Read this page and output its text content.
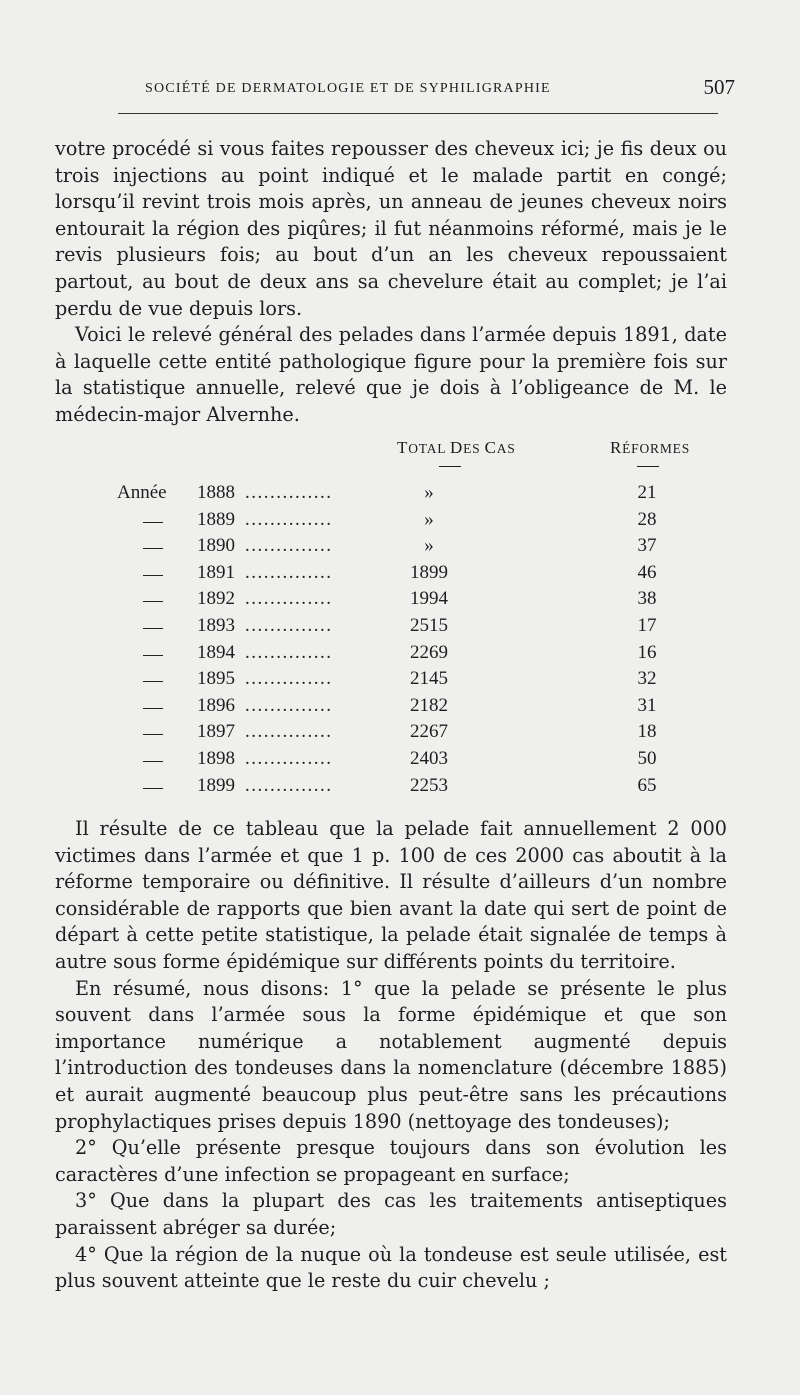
SOCIÉTÉ DE DERMATOLOGIE ET DE SYPHILIGRAPHIE	507

votre procédé si vous faites repousser des cheveux ici; je fis deux ou trois injections au point indiqué et le malade partit en congé; lorsqu’il revint trois mois après, un anneau de jeunes cheveux noirs entourait la région des piqûres; il fut néanmoins réformé, mais je le revis plusieurs fois; au bout d’un an les cheveux repoussaient partout, au bout de deux ans sa chevelure était au complet; je l’ai perdu de vue depuis lors.

Voici le relevé général des pelades dans l’armée depuis 1891, date à laquelle cette entité pathologique figure pour la première fois sur la statistique annuelle, relevé que je dois à l’obligeance de M. le médecin-major Alvernhe.

TOTAL DES CAS	RÉFORMES
Année	1888 ..............	»	21
1889 ..............	»	28
1890 ..............	»	37
1891 ..............	1899	46
1892 ..............	1994	38
1893 ..............	2515	17
1894 ..............	2269	16
1895 ..............	2145	32
1896 ..............	2182	31
1897 ..............	2267	18
1898 ..............	2403	50
1899 ..............	2253	65

Il résulte de ce tableau que la pelade fait annuellement 2 000 victimes dans l’armée et que 1 p. 100 de ces 2000 cas aboutit à la réforme temporaire ou définitive. Il résulte d’ailleurs d’un nombre considérable de rapports que bien avant la date qui sert de point de départ à cette petite statistique, la pelade était signalée de temps à autre sous forme épidémique sur différents points du territoire.

En résumé, nous disons: 1° que la pelade se présente le plus souvent dans l’armée sous la forme épidémique et que son importance numérique a notablement augmenté depuis l’introduction des tondeuses dans la nomenclature (décembre 1885) et aurait augmenté beaucoup plus peut-être sans les précautions prophylactiques prises depuis 1890 (nettoyage des tondeuses);

2° Qu’elle présente presque toujours dans son évolution les caractères d’une infection se propageant en surface;

3° Que dans la plupart des cas les traitements antiseptiques paraissent abréger sa durée;

4° Que la région de la nuque où la tondeuse est seule utilisée, est plus souvent atteinte que le reste du cuir chevelu ;
